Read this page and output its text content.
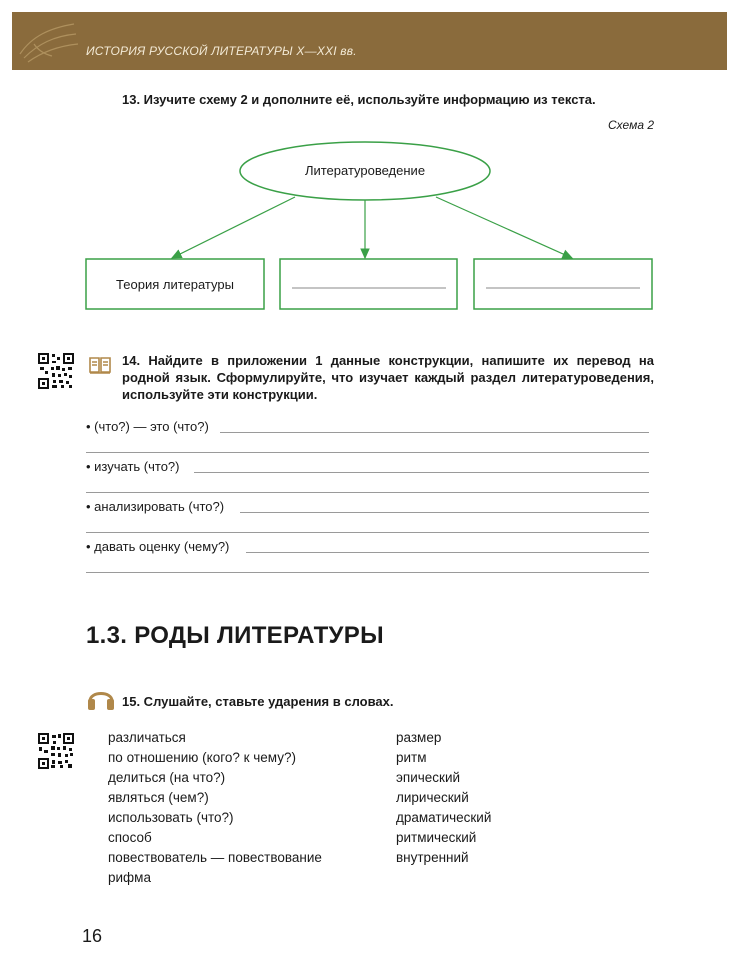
ИСТОРИЯ РУССКОЙ ЛИТЕРАТУРЫ X—XXI вв.
13. Изучите схему 2 и дополните её, используйте информацию из текста.
Схема 2
Литературоведение
Теория литературы
14. Найдите в приложении 1 данные конструкции, напишите их перевод на родной язык. Сформулируйте, что изучает каждый раздел литературоведения, используйте эти конструкции.
• (что?) — это (что?)
• изучать (что?)
• анализировать (что?)
• давать оценку (чему?)
1.3. РОДЫ ЛИТЕРАТУРЫ
15. Слушайте, ставьте ударения в словах.
различаться
по отношению (кого? к чему?)
делиться (на что?)
являться (чем?)
использовать (что?)
способ
повествователь — повествование
рифма
размер
ритм
эпический
лирический
драматический
ритмический
внутренний
16
